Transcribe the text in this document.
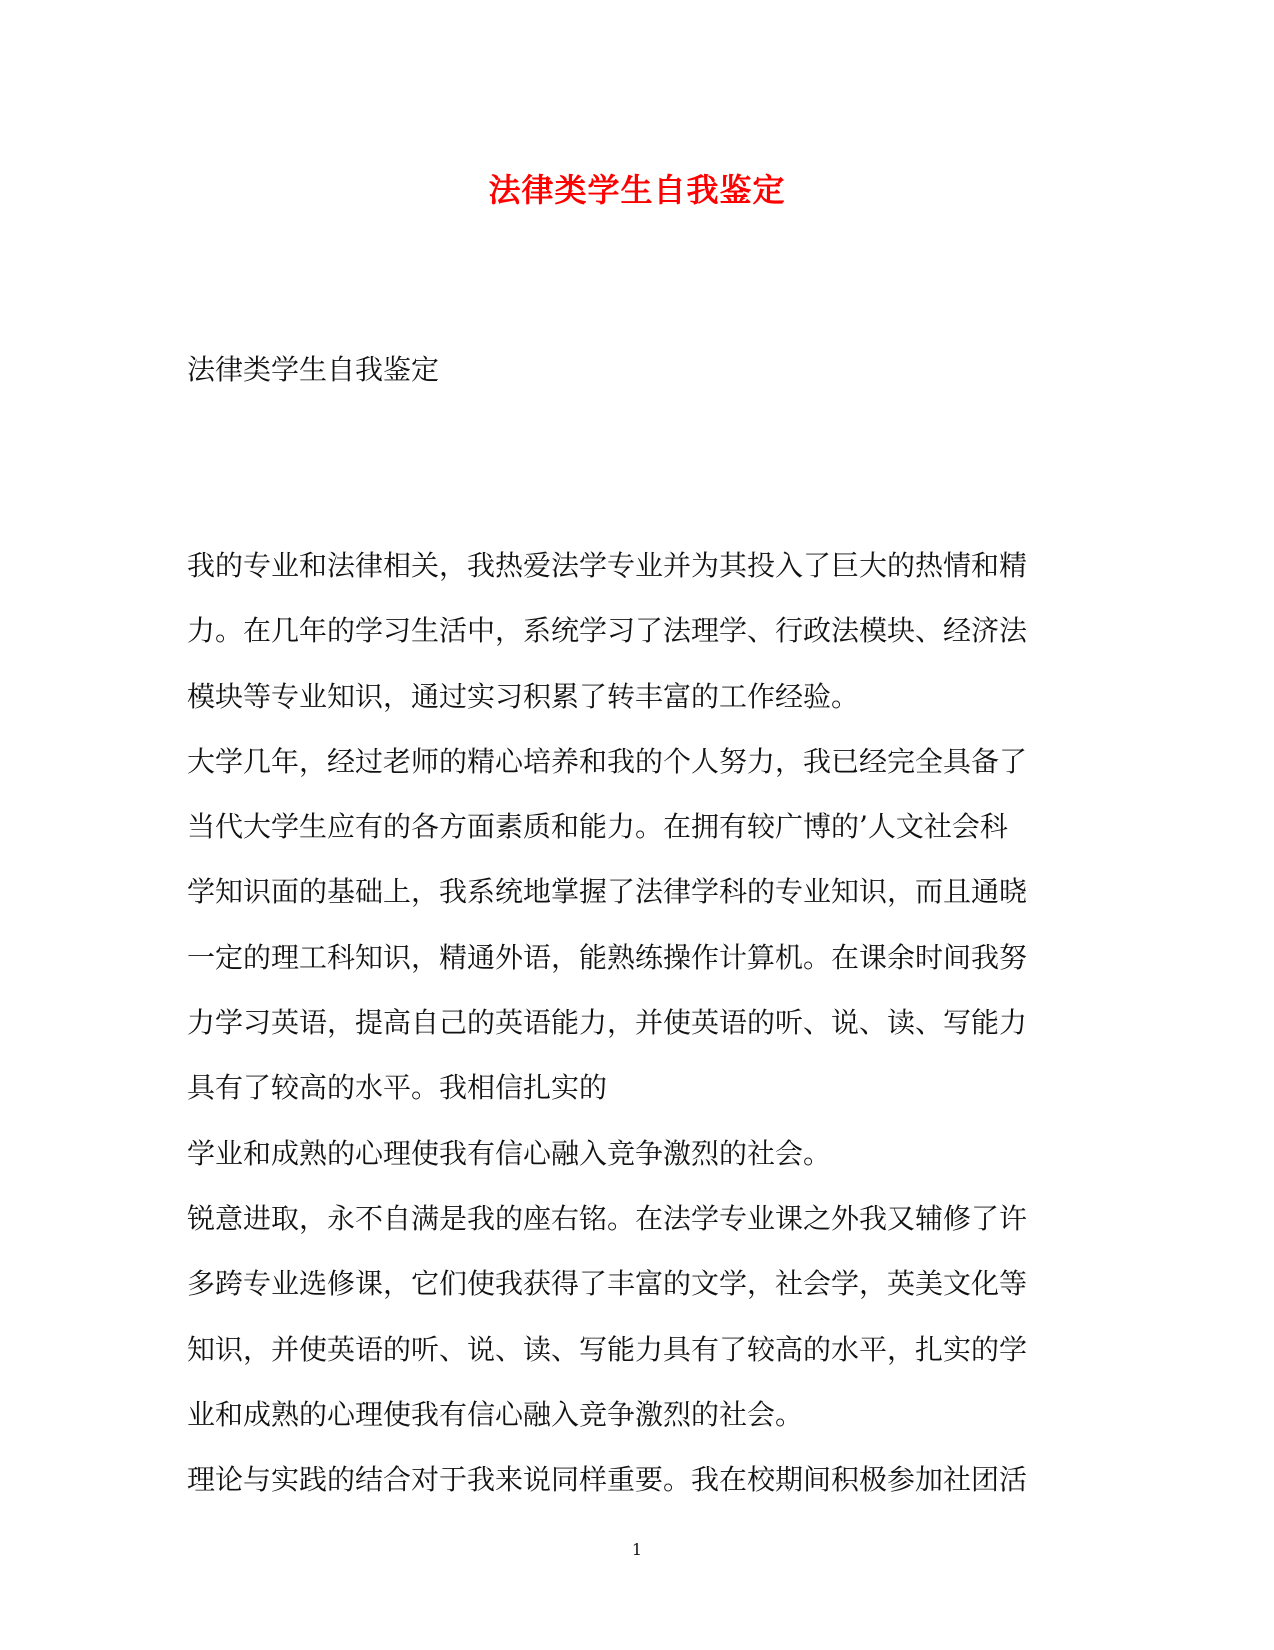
法律类学生自我鉴定
法律类学生自我鉴定
我的专业和法律相关，我热爱法学专业并为其投入了巨大的热情和精
力。在几年的学习生活中，系统学习了法理学、行政法模块、经济法
模块等专业知识，通过实习积累了转丰富的工作经验。
大学几年，经过老师的精心培养和我的个人努力，我已经完全具备了
当代大学生应有的各方面素质和能力。在拥有较广博的’人文社会科
学知识面的基础上，我系统地掌握了法律学科的专业知识，而且通晓
一定的理工科知识，精通外语，能熟练操作计算机。在课余时间我努
力学习英语，提高自己的英语能力，并使英语的听、说、读、写能力
具有了较高的水平。我相信扎实的
学业和成熟的心理使我有信心融入竞争激烈的社会。
锐意进取，永不自满是我的座右铭。在法学专业课之外我又辅修了许
多跨专业选修课，它们使我获得了丰富的文学，社会学，英美文化等
知识，并使英语的听、说、读、写能力具有了较高的水平，扎实的学
业和成熟的心理使我有信心融入竞争激烈的社会。
理论与实践的结合对于我来说同样重要。我在校期间积极参加社团活
1
